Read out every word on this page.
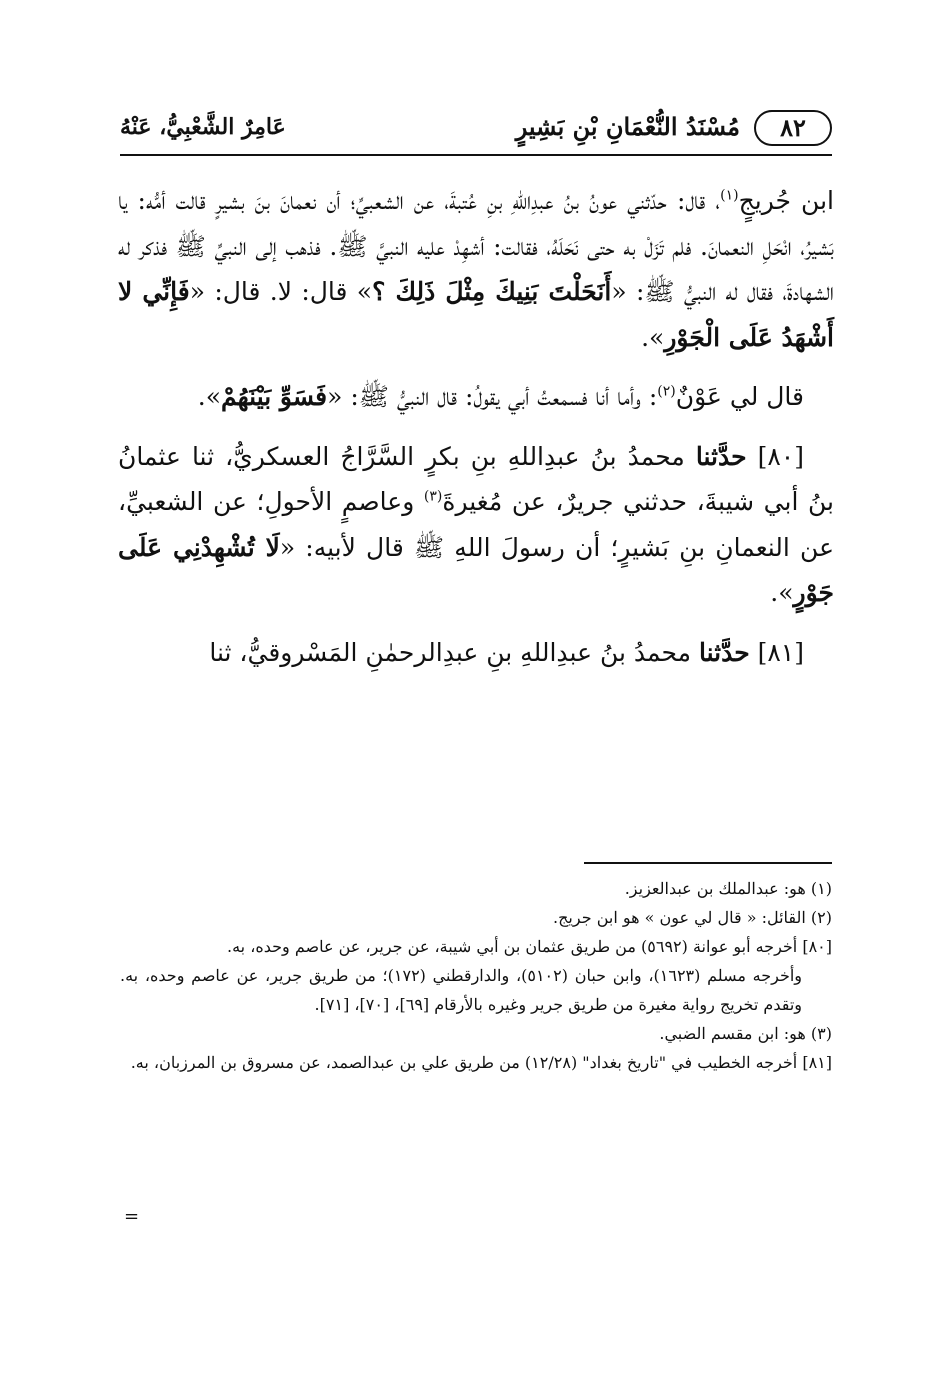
٨٢
مُسْنَدُ النُّعْمَانِ بْنِ بَشِيرٍ
عَامِرٌ الشَّعْبِيُّ، عَنْهُ

ابن جُريجٍ$^{(١)}$، قال: حدّثني عونُ بنُ عبدِاللهِ بنِ عُتبةَ، عن الشعبيِّ؛ أن نعمانَ بنَ بشيرٍ قالت أمُّه: يا بَشيرُ، انْحَلِ النعمانَ. فلم تَزَلْ به حتى نَحَلَهُ، فقالت: أشهِدْ عليه النبيَّ ﷺ. فذهب إلى النبيِّ ﷺ فذكر له الشهادةَ، فقال له النبيُّ ﷺ: «أَنَحَلْتَ بَنِيكَ مِثْلَ ذَلِكَ ؟» قال: لا. قال: «فَإِنِّي لا أَشْهَدُ عَلَى الْجَوْرِ».

قال لي عَوْنٌ$^{(٢)}$: وأما أنا فسمعتُ أبي يقولُ: قال النبيُّ ﷺ: «فَسَوِّ بَيْنَهُمْ».

[٨٠] حدَّثنا محمدُ بنُ عبدِاللهِ بنِ بكرٍ السَّرَّاجُ العسكريُّ، ثنا عثمانُ بنُ أبي شيبةَ، حدثني جريرٌ، عن مُغيرةَ$^{(٣)}$ وعاصمٍ الأحولِ؛ عن الشعبيِّ، عن النعمانِ بنِ بَشيرٍ؛ أن رسولَ اللهِ ﷺ قال لأبيه: «لَا تُشْهِدْنِي عَلَى جَوْرٍ».

[٨١] حدَّثنا محمدُ بنُ عبدِاللهِ بنِ عبدِالرحمٰنِ المَسْروقيُّ، ثنا

(١) هو: عبدالملك بن عبدالعزيز.

(٢) القائل: « قال لي عون » هو ابن جريج.

[٨٠] أخرجه أبو عوانة (٥٦٩٢) من طريق عثمان بن أبي شيبة، عن جرير، عن عاصم وحده، به.

وأخرجه مسلم (١٦٢٣)، وابن حبان (٥١٠٢)، والدارقطني (١٧٢)؛ من طريق جرير، عن عاصم وحده، به. وتقدم تخريج رواية مغيرة من طريق جرير وغيره بالأرقام [٦٩]، [٧٠]، [٧١].

(٣) هو: ابن مقسم الضبي.

[٨١] أخرجه الخطيب في "تاريخ بغداد" (١٢/٢٨) من طريق علي بن عبدالصمد، عن مسروق بن المرزبان، به.

=
